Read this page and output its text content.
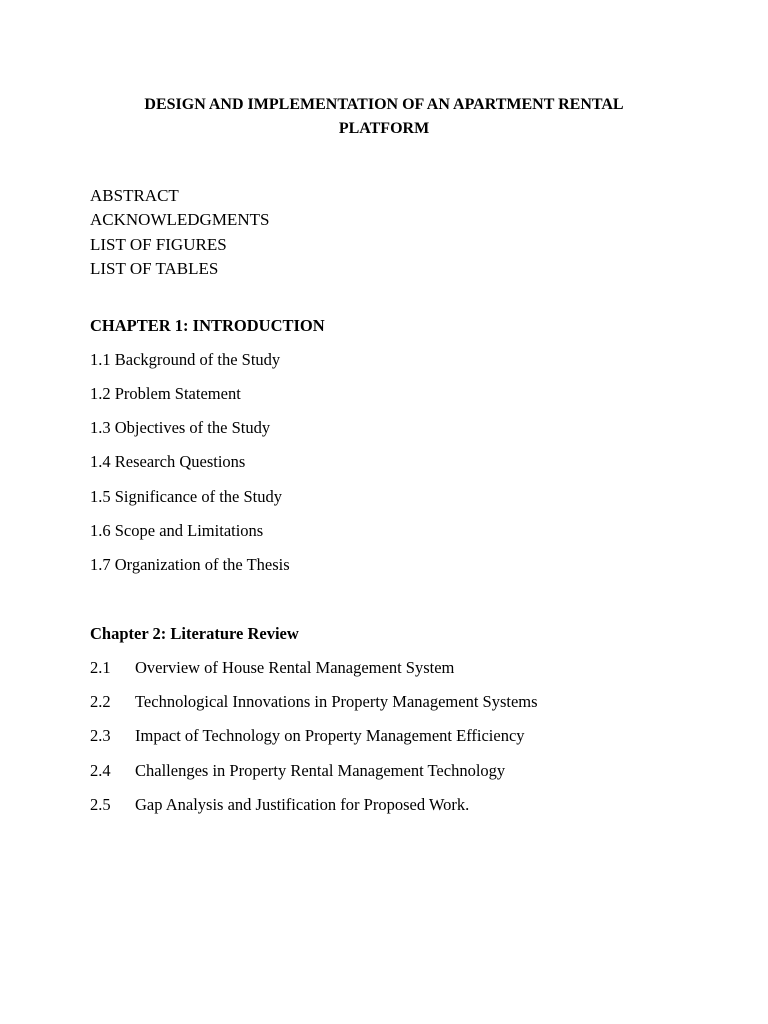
DESIGN AND IMPLEMENTATION OF AN APARTMENT RENTAL
PLATFORM
ABSTRACT
ACKNOWLEDGMENTS
LIST OF FIGURES
LIST OF TABLES
CHAPTER 1: INTRODUCTION
1.1 Background of the Study
1.2 Problem Statement
1.3 Objectives of the Study
1.4 Research Questions
1.5 Significance of the Study
1.6 Scope and Limitations
1.7 Organization of the Thesis
Chapter 2: Literature Review
2.1 Overview of House Rental Management System
2.2 Technological Innovations in Property Management Systems
2.3 Impact of Technology on Property Management Efficiency
2.4 Challenges in Property Rental Management Technology
2.5 Gap Analysis and Justification for Proposed Work.
